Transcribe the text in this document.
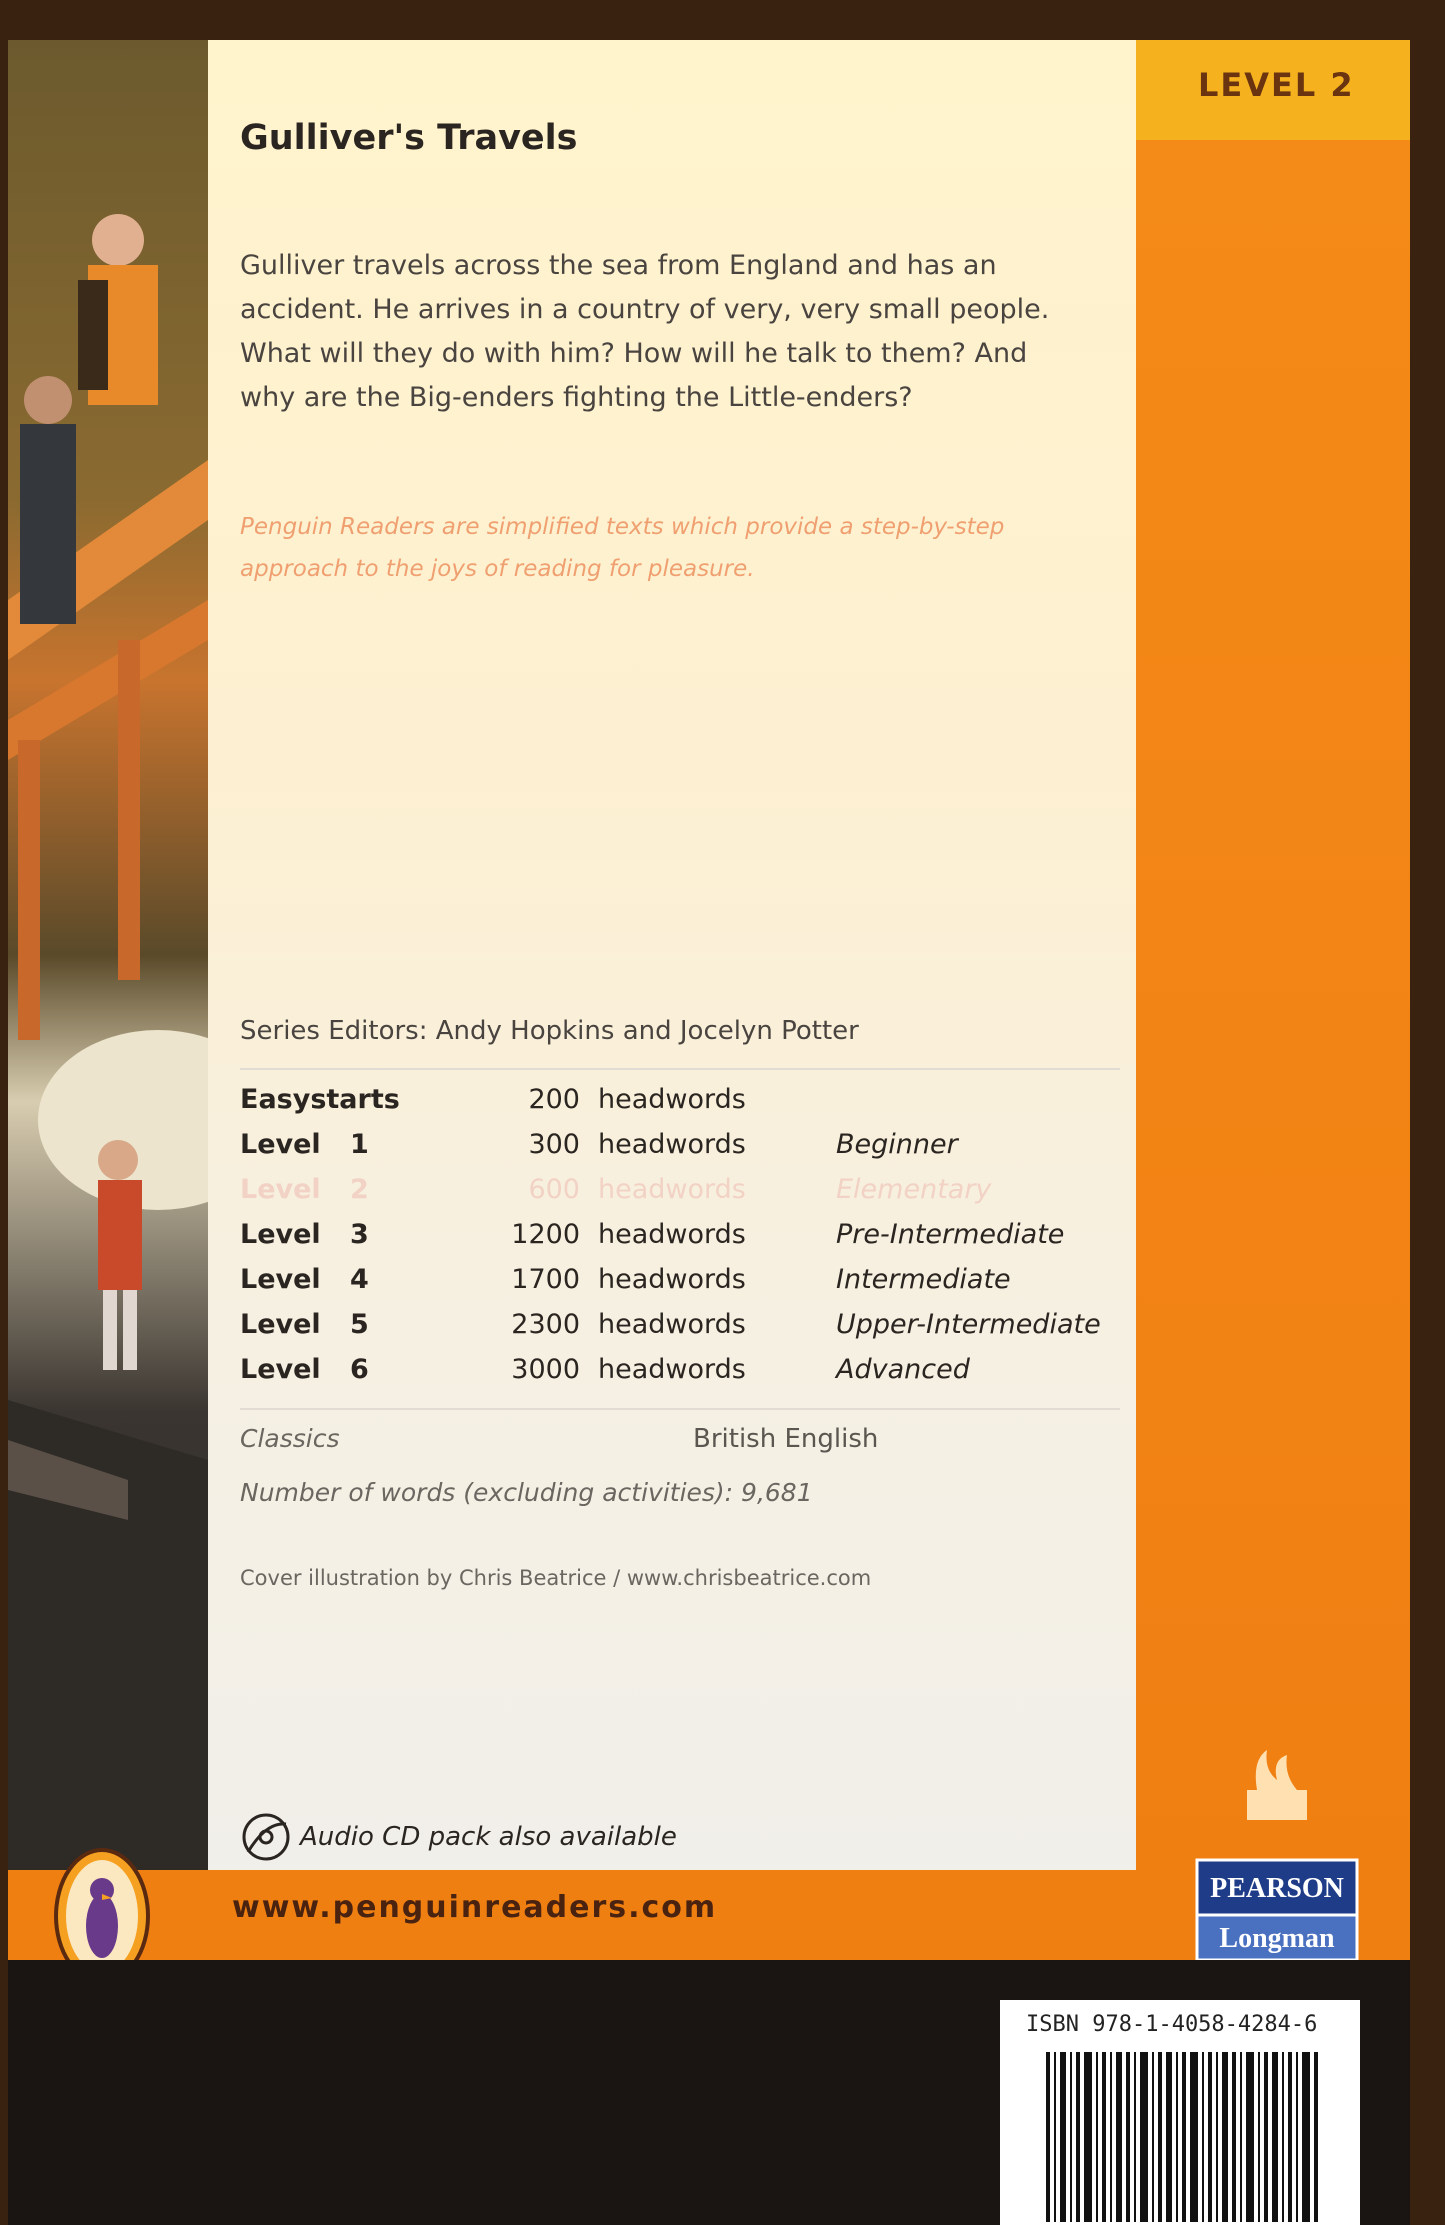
LEVEL 2
Gulliver's Travels
Gulliver travels across the sea from England and has an accident. He arrives in a country of very, very small people. What will they do with him? How will he talk to them? And why are the Big-enders fighting the Little-enders?
Penguin Readers are simplified texts which provide a step-by-step approach to the joys of reading for pleasure.
Series Editors: Andy Hopkins and Jocelyn Potter
Easystarts	200 headwords
Level 1	300 headwords	Beginner
Level 2	600 headwords	Elementary
Level 3	1200 headwords	Pre-Intermediate
Level 4	1700 headwords	Intermediate
Level 5	2300 headwords	Upper-Intermediate
Level 6	3000 headwords	Advanced
Classics	British English
Number of words (excluding activities): 9,681
Cover illustration by Chris Beatrice / www.chrisbeatrice.com
Audio CD pack also available
www.penguinreaders.com
PEARSON
Longman
ISBN 978-1-4058-4284-6
